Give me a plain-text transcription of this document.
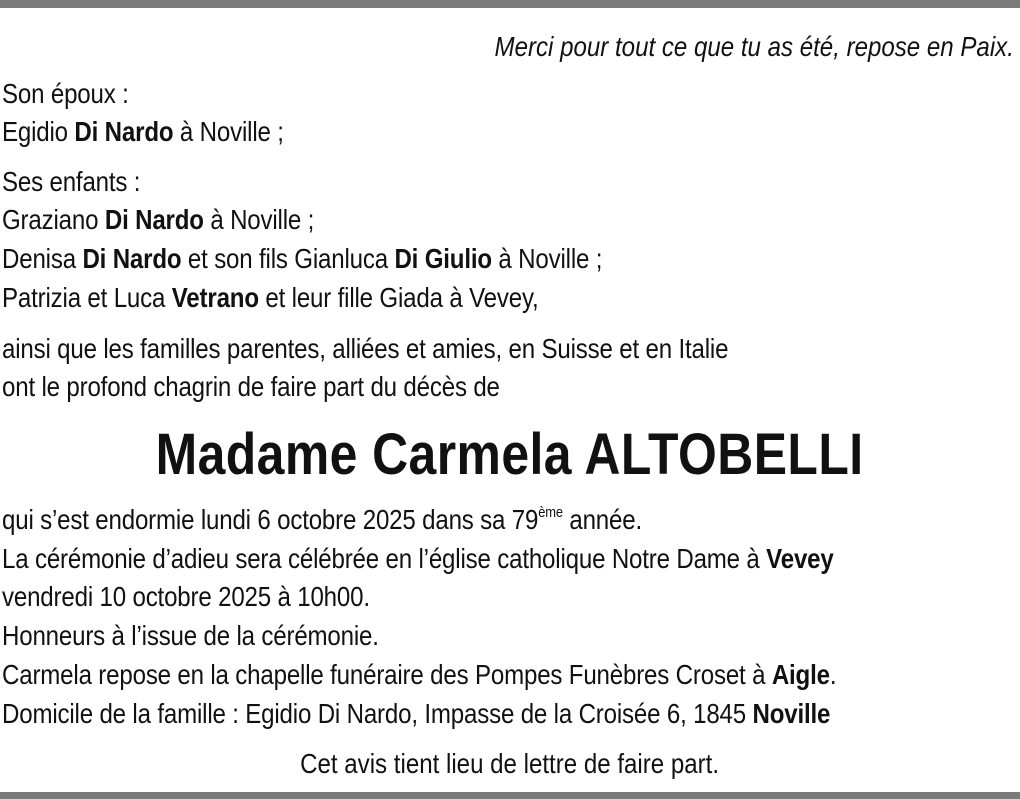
Merci pour tout ce que tu as été, repose en Paix.
Son époux :
Egidio Di Nardo à Noville ;
Ses enfants :
Graziano Di Nardo à Noville ;
Denisa Di Nardo et son fils Gianluca Di Giulio à Noville ;
Patrizia et Luca Vetrano et leur fille Giada à Vevey,
ainsi que les familles parentes, alliées et amies, en Suisse et en Italie
ont le profond chagrin de faire part du décès de
Madame Carmela ALTOBELLI
qui s’est endormie lundi 6 octobre 2025 dans sa 79ème année.
La cérémonie d’adieu sera célébrée en l’église catholique Notre Dame à Vevey
vendredi 10 octobre 2025 à 10h00.
Honneurs à l’issue de la cérémonie.
Carmela repose en la chapelle funéraire des Pompes Funèbres Croset à Aigle.
Domicile de la famille : Egidio Di Nardo, Impasse de la Croisée 6, 1845 Noville
Cet avis tient lieu de lettre de faire part.
